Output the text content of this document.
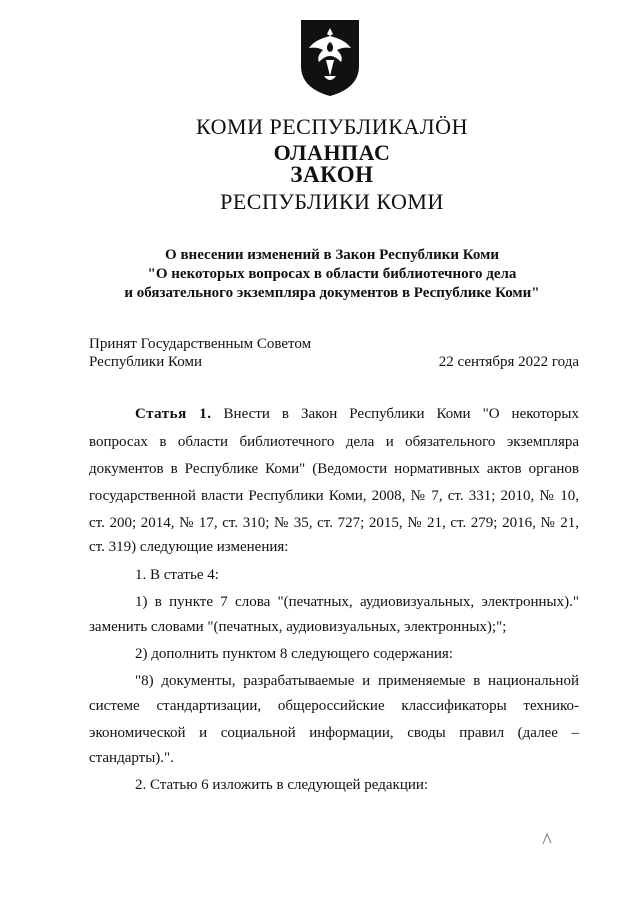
КОМИ РЕСПУБЛИКАЛӦН
ОЛАНПАС
ЗАКОН
РЕСПУБЛИКИ КОМИ
О внесении изменений в Закон Республики Коми
"О некоторых вопросах в области библиотечного дела
и обязательного экземпляра документов в Республике Коми"
Принят Государственным Советом
Республики Коми	22 сентября 2022 года
Статья 1. Внести в Закон Республики Коми "О некоторых
вопросах в области библиотечного дела и обязательного экземпляра
документов в Республике Коми" (Ведомости нормативных актов органов
государственной власти Республики Коми, 2008, № 7, ст. 331; 2010, № 10,
ст. 200; 2014, № 17, ст. 310; № 35, ст. 727; 2015, № 21, ст. 279; 2016, № 21,
ст. 319) следующие изменения:
1. В статье 4:
1) в пункте 7 слова "(печатных, аудиовизуальных, электронных)."
заменить словами "(печатных, аудиовизуальных, электронных);";
2) дополнить пунктом 8 следующего содержания:
"8) документы, разрабатываемые и применяемые в национальной
системе стандартизации, общероссийские классификаторы технико-
экономической и социальной информации, своды правил (далее –
стандарты).".
2. Статью 6 изложить в следующей редакции:
